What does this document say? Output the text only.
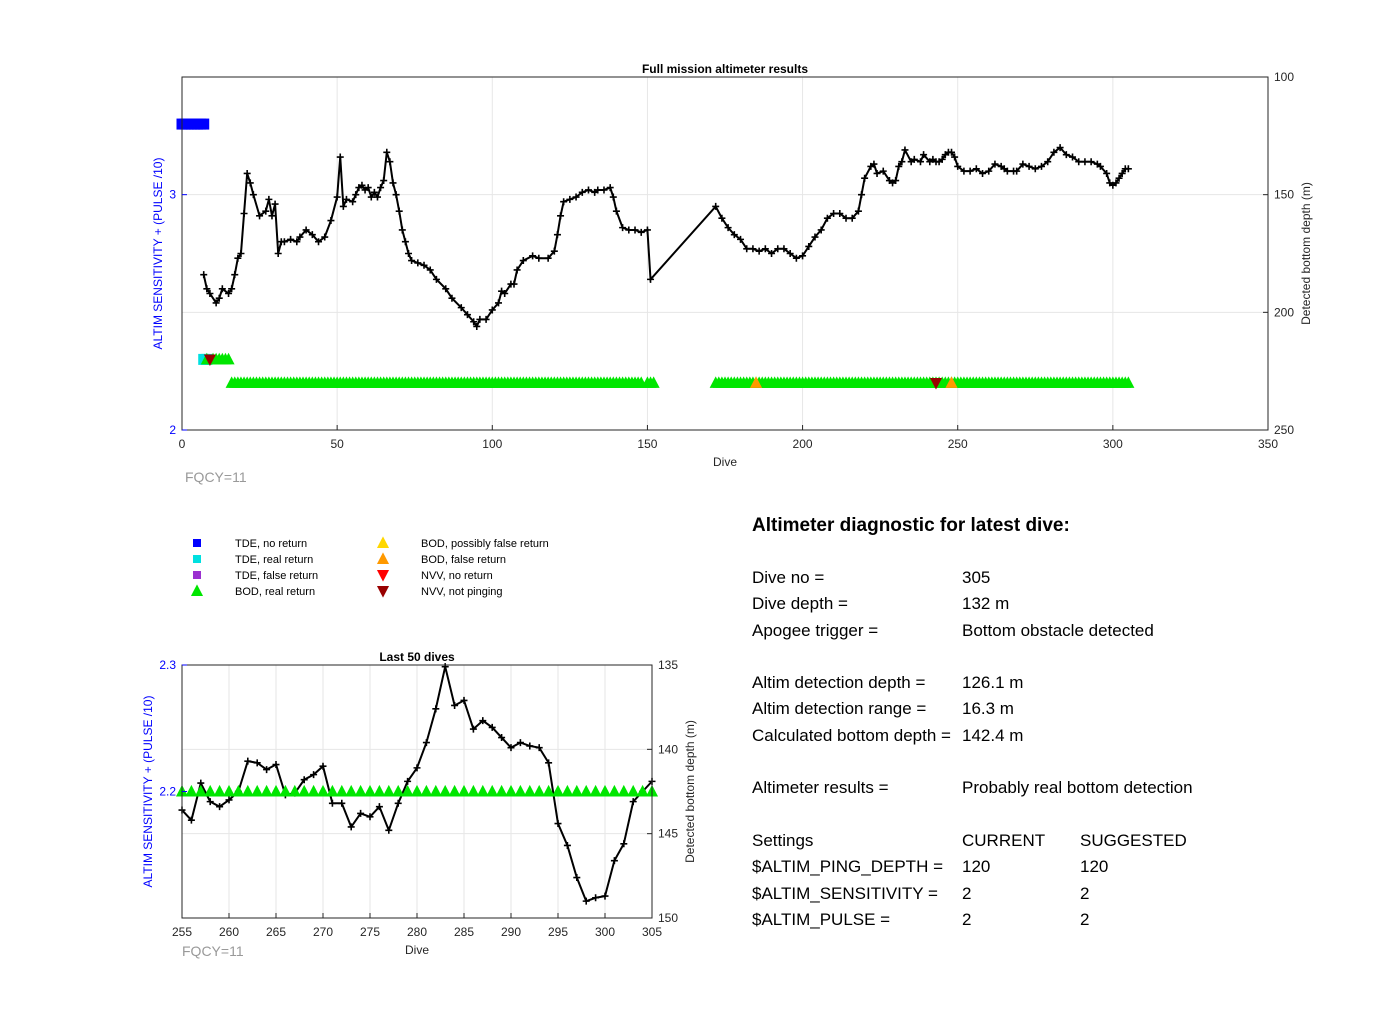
0	50	100	150	200	250	300	350
2
3
100
150
200
250
Full mission altimeter results
Dive
ALTIM SENSITIVITY + (PULSE /10)	Detected bottom depth (m)
FQCY=11
255 260 265 270 275 280 285 290 295 300 305
2.2
2.3	135
140
145
150
Last 50 dives
Dive
ALTIM SENSITIVITY + (PULSE /10)	Detected bottom depth (m)
FQCY=11
TDE, no return
TDE, real return
TDE, false return
BOD, real return
BOD, possibly false return
BOD, false return
NVV, no return
NVV, not pinging
Altimeter diagnostic for latest dive:
Dive no =	305
Dive depth =	132 m
Apogee trigger =	Bottom obstacle detected
Altim detection depth =	126.1 m
Altim detection range =	16.3 m
Calculated bottom depth = 142.4 m
Altimeter results =	Probably real bottom detection
Settings	CURRENT	SUGGESTED
$ALTIM_PING_DEPTH =	120	120
$ALTIM_SENSITIVITY =	2	2
$ALTIM_PULSE =	2	2
